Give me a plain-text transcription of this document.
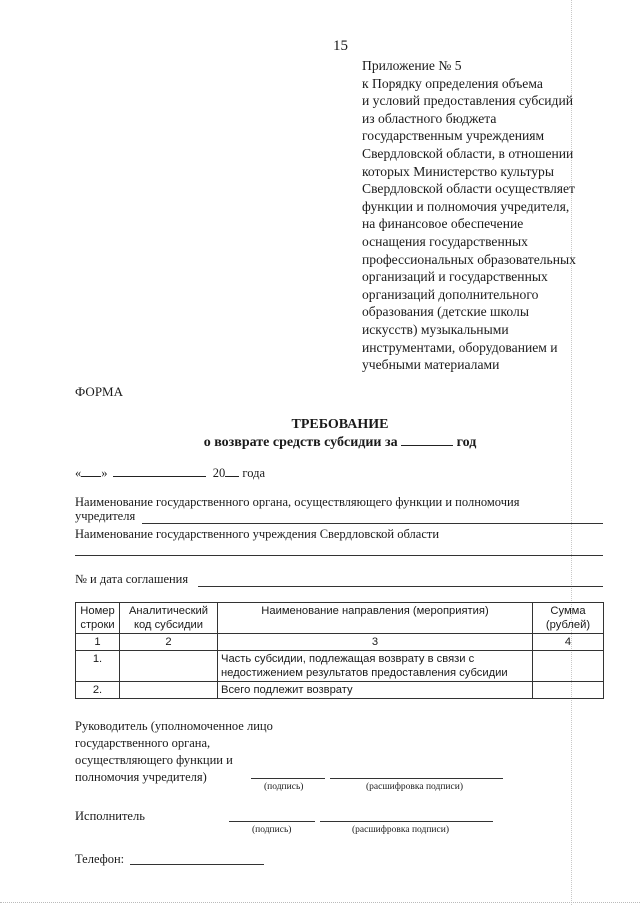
15
Приложение № 5
к Порядку определения объема
и условий предоставления субсидий
из областного бюджета
государственным учреждениям
Свердловской области, в отношении
которых Министерство культуры
Свердловской области осуществляет
функции и полномочия учредителя,
на финансовое обеспечение
оснащения государственных
профессиональных образовательных
организаций и государственных
организаций дополнительного
образования (детские школы
искусств) музыкальными
инструментами, оборудованием и
учебными материалами
ФОРМА
ТРЕБОВАНИЕ
о возврате средств субсидии за	год
« »	20 года
Наименование государственного органа, осуществляющего функции и полномочия
учредителя
Наименование государственного учреждения Свердловской области
№ и дата соглашения
Номер строки	Аналитический код субсидии	Наименование направления (мероприятия)	Сумма (рублей)
1	2	3	4
1.		Часть субсидии, подлежащая возврату в связи с недостижением результатов предоставления субсидии	
2.		Всего подлежит возврату	
Руководитель (уполномоченное лицо
государственного органа,
осуществляющего функции и
полномочия учредителя)
(подпись)	(расшифровка подписи)
Исполнитель
(подпись)	(расшифровка подписи)
Телефон:
